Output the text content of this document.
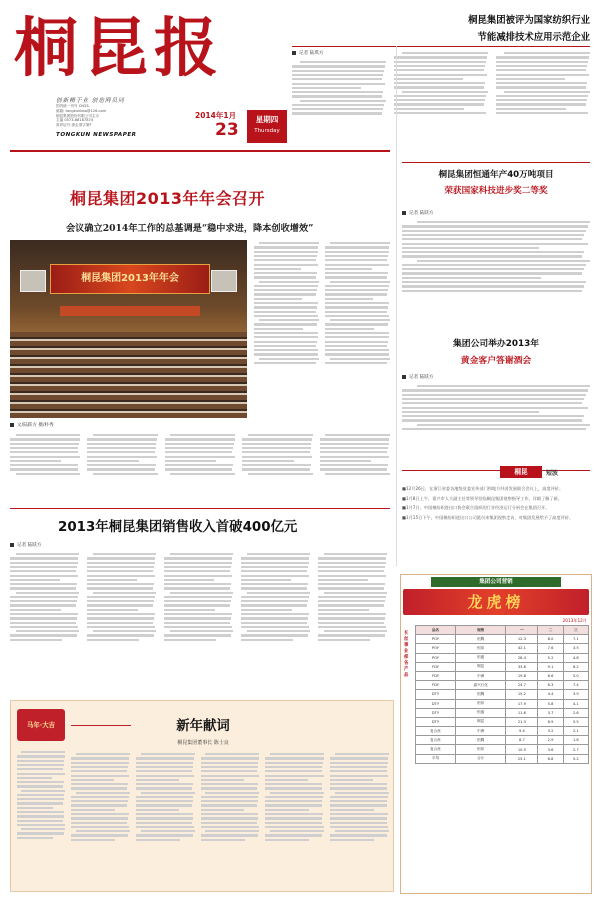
桐昆报
创新精于业 创造网员同
国内统一刊号 CN33-
邮箱: tongkunbao@126.com
桐昆集团股份有限公司主办
主编 0573-88187874
准印证号 浙企准字第F
TONGKUN NEWSPAPER
2014年1月
23
星期四
Thursday
桐昆集团被评为国家纺织行业
节能减排技术应用示范企业
记者 陆琪方
桐昆集团2013年年会召开
会议确立2014年工作的总基调是“稳中求进，降本创收增效”
桐昆集团2013年年会
文/陆跃方 摄/朴秀
桐昆集团恒通年产40万吨项目
荣获国家科技进步奖二等奖
记者 陆跃方
集团公司举办2013年
黄金客户答谢酒会
记者 陆跃方
桐昆	短波
■12月26日，在浙江省委各地级党委宣传部门和地方经济发展联合会议上，高度评价。
■1月8日上午，嘉兴市人大副主任等领导莅临桐昆集团视察指导工作，详细了解了新。
■1月7日，中国棉纺织进出口协会联合组织的行业经济运行分析会在集团召开。
■1月15日下午，中国棉纺织进出口公司派员来集团视察走访，对集团发展给予了高度评价。
2013年桐昆集团销售收入首破400亿元
记者 陆跃方
集团公司营销
龙虎榜
2013年12月
长丝事业部各产品
品名	规格	一	二	三
POY	恒腾	12.3	8.0	7.1
POY	恒邦	42.1	7.6	3.5
POY	恒盛	28.4	5.2	4.8
FDY	桐昆	33.6	9.1	6.2
FDY	中洲	19.8	6.6	5.0
FDY	嘉兴石化	24.7	8.3	7.4
DTY	恒腾	15.2	4.4	3.9
DTY	恒邦	17.9	5.8	4.1
DTY	恒盛	11.6	3.7	2.6
DTY	桐昆	21.3	6.9	5.5
复合丝	中洲	9.4	3.2	2.1
复合丝	恒腾	8.7	2.9	1.8
复合丝	恒邦	10.5	3.6	2.7
平均	合计	25.1	6.8	5.2
马年·大吉	新年献词
桐昆集团董事长 陈士良
